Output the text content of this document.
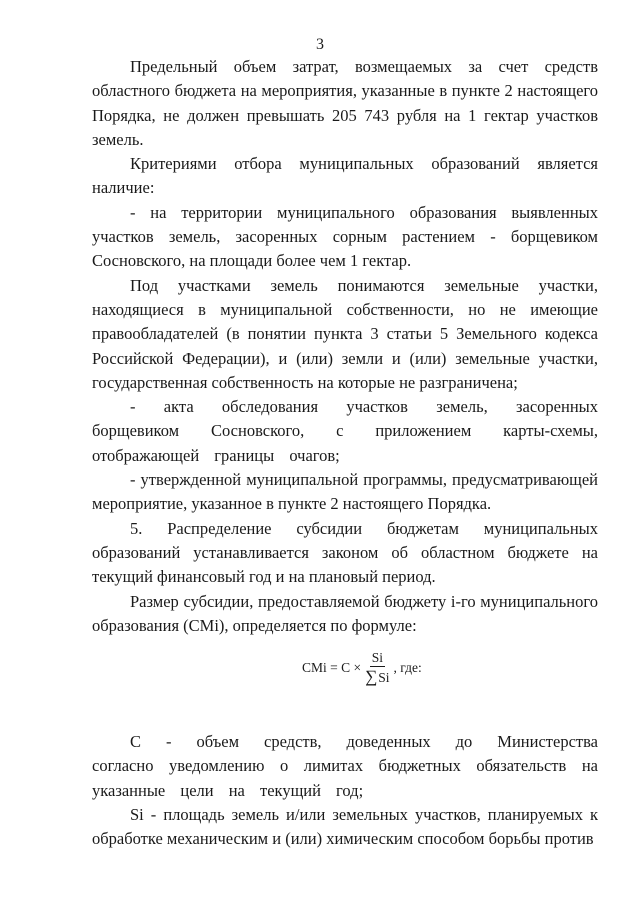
3

Предельный объем затрат, возмещаемых за счет средств областного бюджета на мероприятия, указанные в пункте 2 настоящего Порядка, не должен превышать 205 743 рубля на 1 гектар участков земель.

Критериями отбора муниципальных образований является наличие:

- на территории муниципального образования выявленных участков земель, засоренных сорным растением - борщевиком Сосновского, на площади более чем 1 гектар.

Под участками земель понимаются земельные участки, находящиеся в муниципальной собственности, но не имеющие правообладателей (в понятии пункта 3 статьи 5 Земельного кодекса Российской Федерации), и (или) земли и (или) земельные участки, государственная собственность на которые не разграничена;

- акта обследования участков земель, засоренных борщевиком Сосновского, с приложением карты-схемы, отображающей границы очагов;

- утвержденной муниципальной программы, предусматривающей мероприятие, указанное в пункте 2 настоящего Порядка.

5. Распределение субсидии бюджетам муниципальных образований устанавливается законом об областном бюджете на текущий финансовый год и на плановый период.

Размер субсидии, предоставляемой бюджету i-го муниципального образования (CMi), определяется по формуле:

CMi = $C \times \frac{Si}{\sum Si}$ , где:

C - объем средств, доведенных до Министерства согласно уведомлению о лимитах бюджетных обязательств на указанные цели на текущий год;

Si - площадь земель и/или земельных участков, планируемых к обработке механическим и (или) химическим способом борьбы против
